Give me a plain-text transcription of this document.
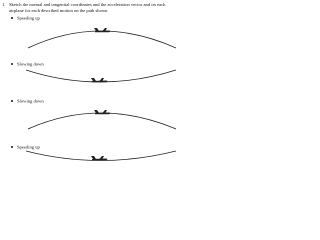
1. Sketch the normal and tangential coordinates and the acceleration vector and on each airplane for each described motion on the path shown
Speeding up
Slowing down
Slowing down
Speeding up
